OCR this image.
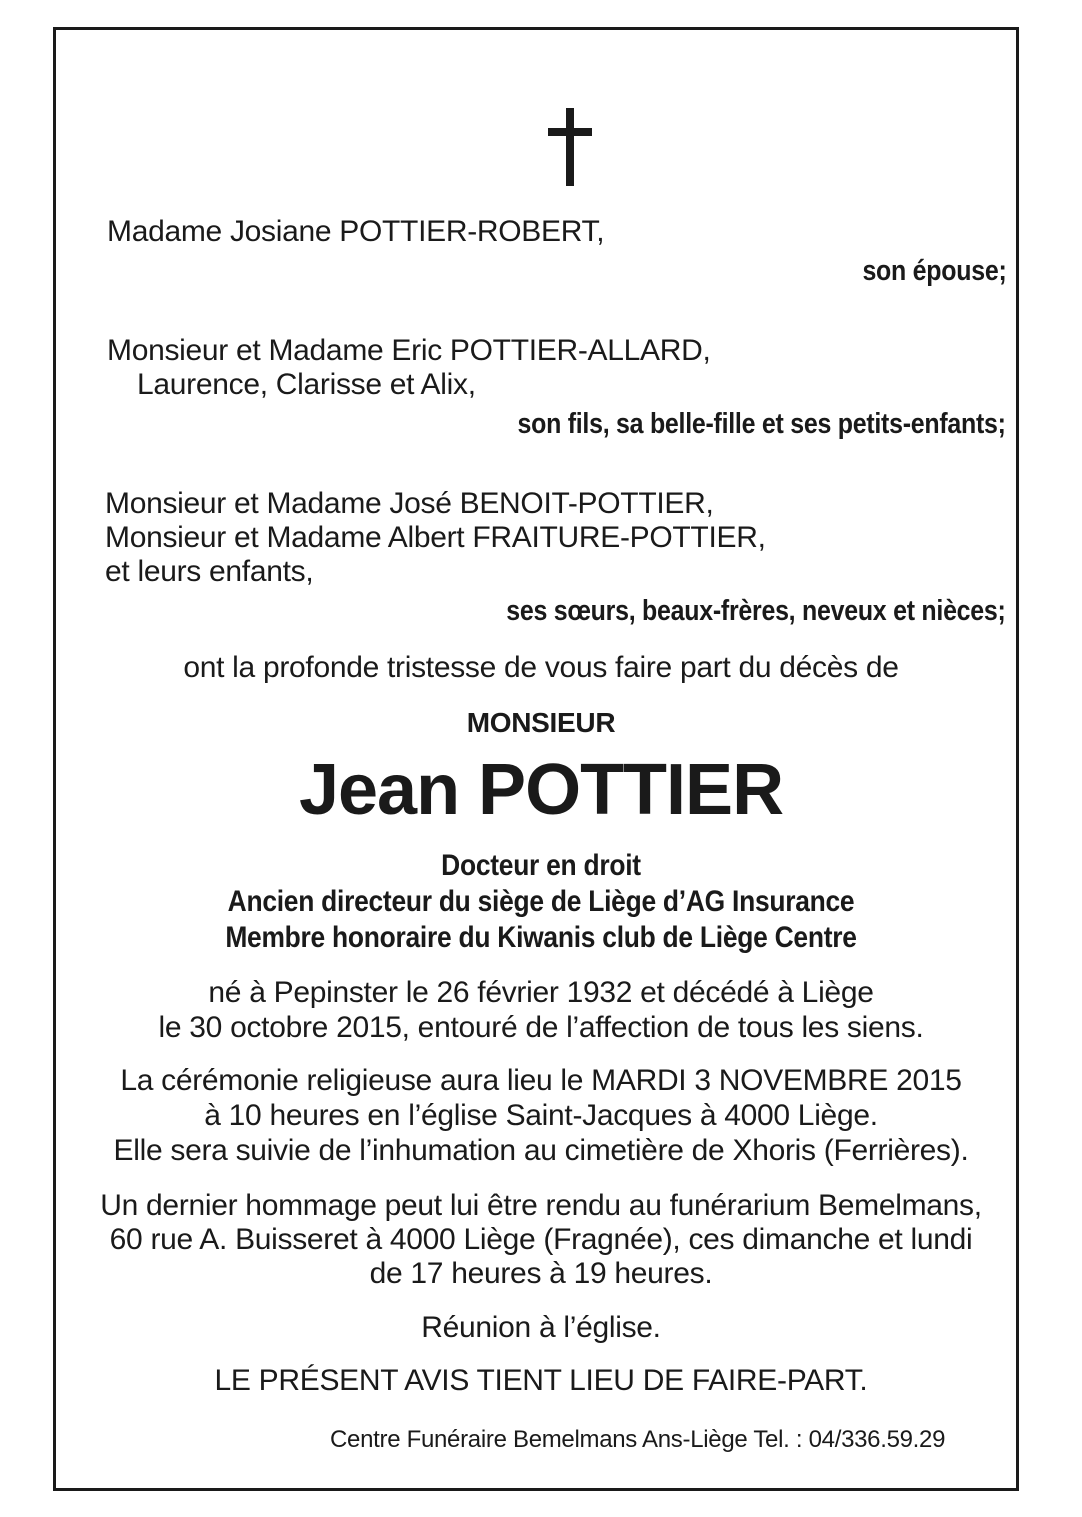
Madame Josiane POTTIER-ROBERT,
son épouse;
Monsieur et Madame Eric POTTIER-ALLARD,
Laurence, Clarisse et Alix,
son fils, sa belle-fille et ses petits-enfants;
Monsieur et Madame José BENOIT-POTTIER,
Monsieur et Madame Albert FRAITURE-POTTIER,
et leurs enfants,
ses sœurs, beaux-frères, neveux et nièces;
ont la profonde tristesse de vous faire part du décès de
MONSIEUR
Jean POTTIER
Docteur en droit
Ancien directeur du siège de Liège d’AG Insurance
Membre honoraire du Kiwanis club de Liège Centre
né à Pepinster le 26 février 1932 et décédé à Liège
le 30 octobre 2015, entouré de l’affection de tous les siens.
La cérémonie religieuse aura lieu le MARDI 3 NOVEMBRE 2015
à 10 heures en l’église Saint-Jacques à 4000 Liège.
Elle sera suivie de l’inhumation au cimetière de Xhoris (Ferrières).
Un dernier hommage peut lui être rendu au funérarium Bemelmans,
60 rue A. Buisseret à 4000 Liège (Fragnée), ces dimanche et lundi
de 17 heures à 19 heures.
Réunion à l’église.
LE PRÉSENT AVIS TIENT LIEU DE FAIRE-PART.
Centre Funéraire Bemelmans Ans-Liège Tel. : 04/336.59.29
